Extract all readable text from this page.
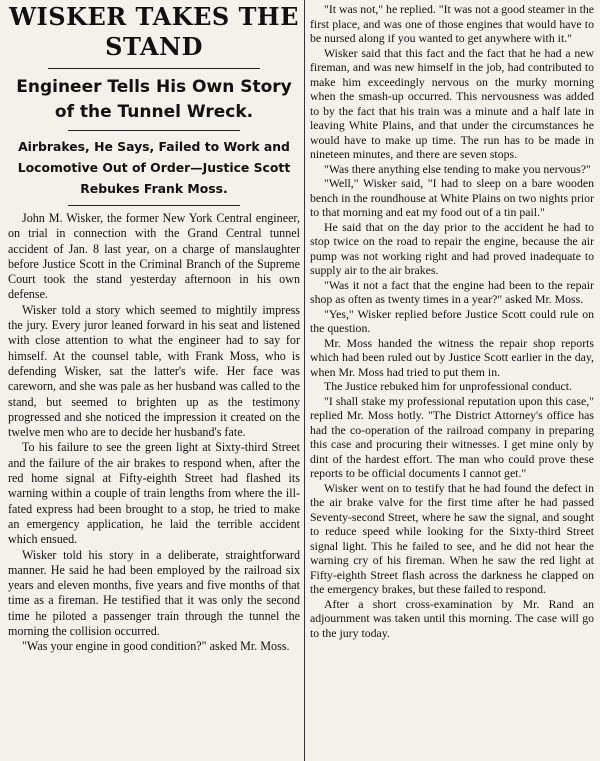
WISKER TAKES THE STAND
Engineer Tells His Own Story of the Tunnel Wreck.
Airbrakes, He Says, Failed to Work and Locomotive Out of Order—Justice Scott Rebukes Frank Moss.

John M. Wisker, the former New York Central engineer, on trial in connection with the Grand Central tunnel accident of Jan. 8 last year, on a charge of manslaughter before Justice Scott in the Criminal Branch of the Supreme Court took the stand yesterday afternoon in his own defense.

Wisker told a story which seemed to mightily impress the jury. Every juror leaned forward in his seat and listened with close attention to what the engineer had to say for himself. At the counsel table, with Frank Moss, who is defending Wisker, sat the latter's wife. Her face was careworn, and she was pale as her husband was called to the stand, but seemed to brighten up as the testimony progressed and she noticed the impression it created on the twelve men who are to decide her husband's fate.

To his failure to see the green light at Sixty-third Street and the failure of the air brakes to respond when, after the red home signal at Fifty-eighth Street had flashed its warning within a couple of train lengths from where the ill-fated express had been brought to a stop, he tried to make an emergency application, he laid the terrible accident which ensued.

Wisker told his story in a deliberate, straightforward manner. He said he had been employed by the railroad six years and eleven months, five years and five months of that time as a fireman. He testified that it was only the second time he piloted a passenger train through the tunnel the morning the collision occurred.

"Was your engine in good condition?" asked Mr. Moss.

"It was not," he replied. "It was not a good steamer in the first place, and was one of those engines that would have to be nursed along if you wanted to get anywhere with it."

Wisker said that this fact and the fact that he had a new fireman, and was new himself in the job, had contributed to make him exceedingly nervous on the murky morning when the smash-up occurred. This nervousness was added to by the fact that his train was a minute and a half late in leaving White Plains, and that under the circumstances he would have to make up time. The run has to be made in nineteen minutes, and there are seven stops.

"Was there anything else tending to make you nervous?"

"Well," Wisker said, "I had to sleep on a bare wooden bench in the roundhouse at White Plains on two nights prior to that morning and eat my food out of a tin pail."

He said that on the day prior to the accident he had to stop twice on the road to repair the engine, because the air pump was not working right and had proved inadequate to supply air to the air brakes.

"Was it not a fact that the engine had been to the repair shop as often as twenty times in a year?" asked Mr. Moss.

"Yes," Wisker replied before Justice Scott could rule on the question.

Mr. Moss handed the witness the repair shop reports which had been ruled out by Justice Scott earlier in the day, when Mr. Moss had tried to put them in.

The Justice rebuked him for unprofessional conduct.

"I shall stake my professional reputation upon this case," replied Mr. Moss hotly. "The District Attorney's office has had the co-operation of the railroad company in preparing this case and procuring their witnesses. I get mine only by dint of the hardest effort. The man who could prove these reports to be official documents I cannot get."

Wisker went on to testify that he had found the defect in the air brake valve for the first time after he had passed Seventy-second Street, where he saw the signal, and sought to reduce speed while looking for the Sixty-third Street signal light. This he failed to see, and he did not hear the warning cry of his fireman. When he saw the red light at Fifty-eighth Street flash across the darkness he clapped on the emergency brakes, but these failed to respond.

After a short cross-examination by Mr. Rand an adjournment was taken until this morning. The case will go to the jury today.
